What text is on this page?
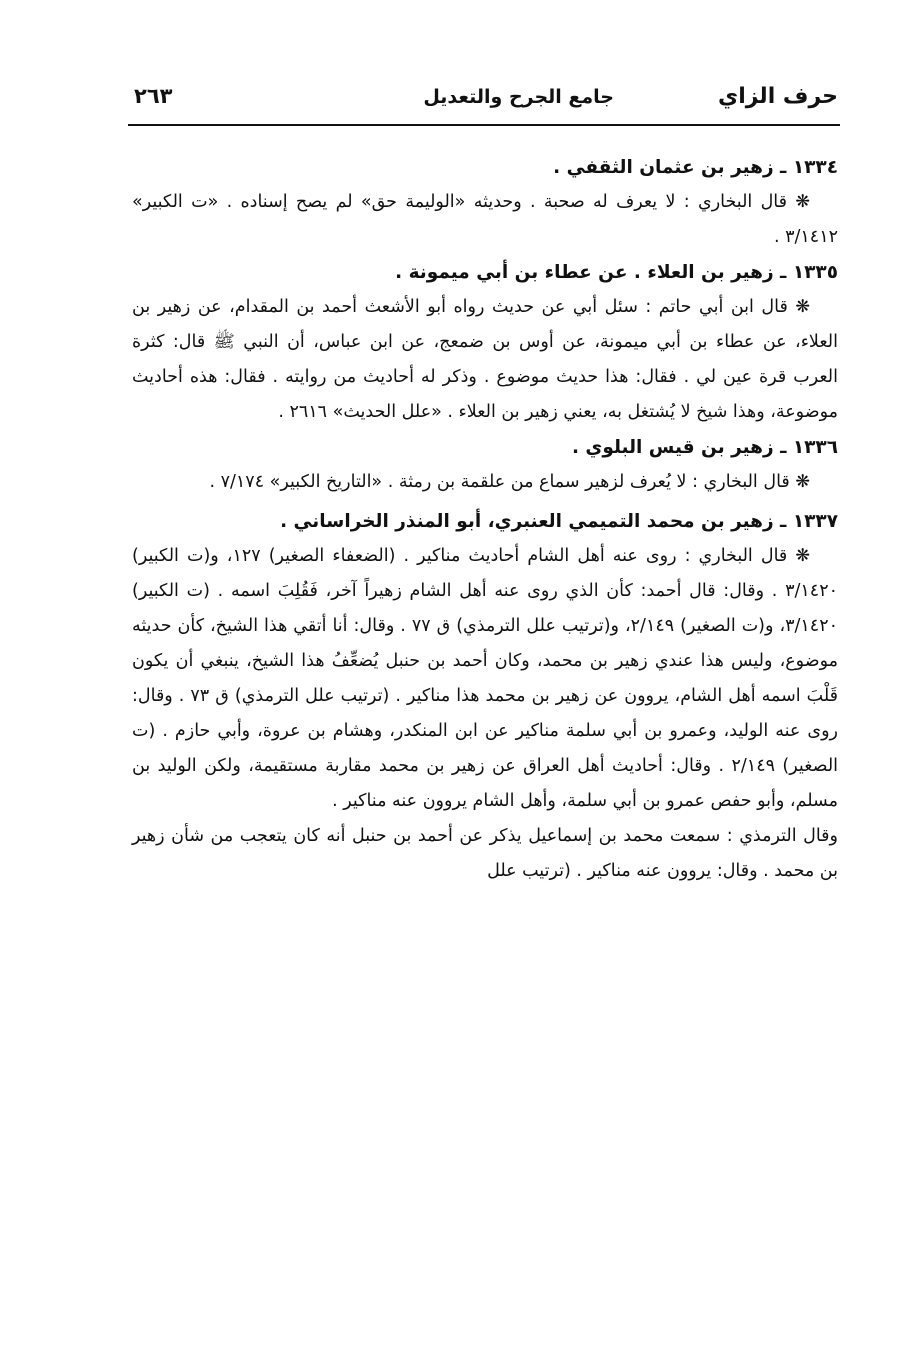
حرف الزاي
جامع الجرح والتعديل
٢٦٣

١٣٣٤ ـ زهير بن عثمان الثقفي .

❋ قال البخاري : لا يعرف له صحبة . وحديثه «الوليمة حق» لم يصح إسناده . «ت الكبير» ٣/١٤١٢ .

١٣٣٥ ـ زهير بن العلاء . عن عطاء بن أبي ميمونة .

❋ قال ابن أبي حاتم : سئل أبي عن حديث رواه أبو الأشعث أحمد بن المقدام، عن زهير بن العلاء، عن عطاء بن أبي ميمونة، عن أوس بن ضمعج، عن ابن عباس، أن النبي ﷺ قال: كثرة العرب قرة عين لي . فقال: هذا حديث موضوع . وذكر له أحاديث من روايته . فقال: هذه أحاديث موضوعة، وهذا شيخ لا يُشتغل به، يعني زهير بن العلاء . «علل الحديث» ٢٦١٦ .

١٣٣٦ ـ زهير بن قيس البلوي .

❋ قال البخاري : لا يُعرف لزهير سماع من علقمة بن رمثة . «التاريخ الكبير» ٧/١٧٤ .

١٣٣٧ ـ زهير بن محمد التميمي العنبري، أبو المنذر الخراساني .

❋ قال البخاري : روى عنه أهل الشام أحاديث مناكير . (الضعفاء الصغير) ١٢٧، و(ت الكبير) ٣/١٤٢٠ . وقال: قال أحمد: كأن الذي روى عنه أهل الشام زهيراً آخر، فَقُلِبَ اسمه . (ت الكبير) ٣/١٤٢٠، و(ت الصغير) ٢/١٤٩، و(ترتيب علل الترمذي) ق ٧٧ . وقال: أنا أتقي هذا الشيخ، كأن حديثه موضوع، وليس هذا عندي زهير بن محمد، وكان أحمد بن حنبل يُضعِّفُ هذا الشيخ، ينبغي أن يكون قَلْبَ اسمه أهل الشام، يروون عن زهير بن محمد هذا مناكير . (ترتيب علل الترمذي) ق ٧٣ . وقال: روى عنه الوليد، وعمرو بن أبي سلمة مناكير عن ابن المنكدر، وهشام بن عروة، وأبي حازم . (ت الصغير) ٢/١٤٩ . وقال: أحاديث أهل العراق عن زهير بن محمد مقاربة مستقيمة، ولكن الوليد بن مسلم، وأبو حفص عمرو بن أبي سلمة، وأهل الشام يروون عنه مناكير .

وقال الترمذي : سمعت محمد بن إسماعيل يذكر عن أحمد بن حنبل أنه كان يتعجب من شأن زهير بن محمد . وقال: يروون عنه مناكير . (ترتيب علل
